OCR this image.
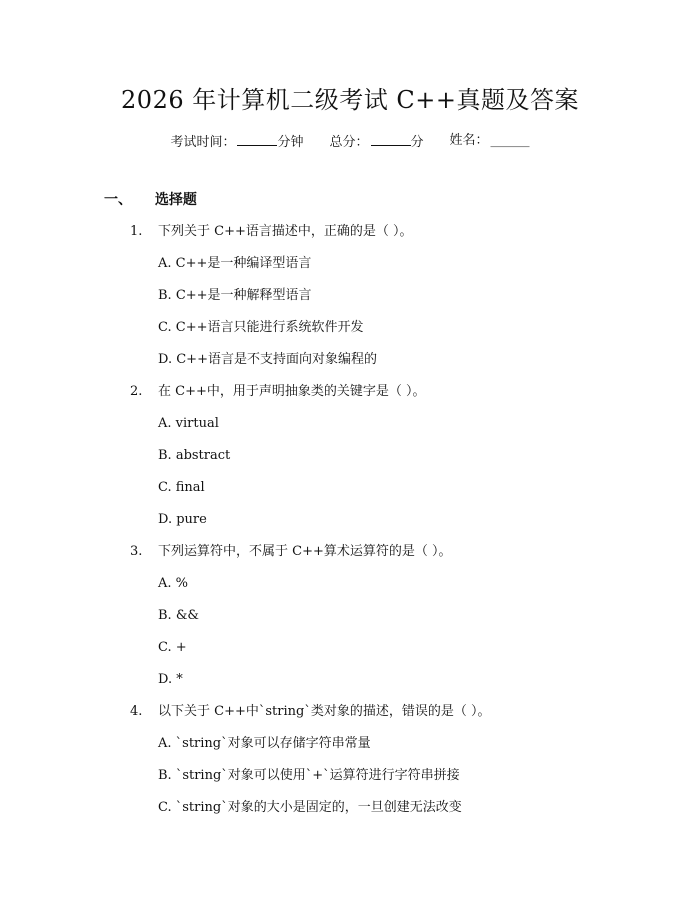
2026 年计算机二级考试 C++真题及答案
考试时间：	分钟 总分：	分 姓名： ______
一、 选择题
1. 下列关于 C++语言描述中，正确的是（ ）。
A. C++是一种编译型语言
B. C++是一种解释型语言
C. C++语言只能进行系统软件开发
D. C++语言是不支持面向对象编程的
2. 在 C++中，用于声明抽象类的关键字是（ ）。
A. virtual
B. abstract
C. final
D. pure
3. 下列运算符中，不属于 C++算术运算符的是（ ）。
A. %
B. &&
C. +
D. *
4. 以下关于 C++中`string`类对象的描述，错误的是（ ）。
A. `string`对象可以存储字符串常量
B. `string`对象可以使用`+`运算符进行字符串拼接
C. `string`对象的大小是固定的，一旦创建无法改变
